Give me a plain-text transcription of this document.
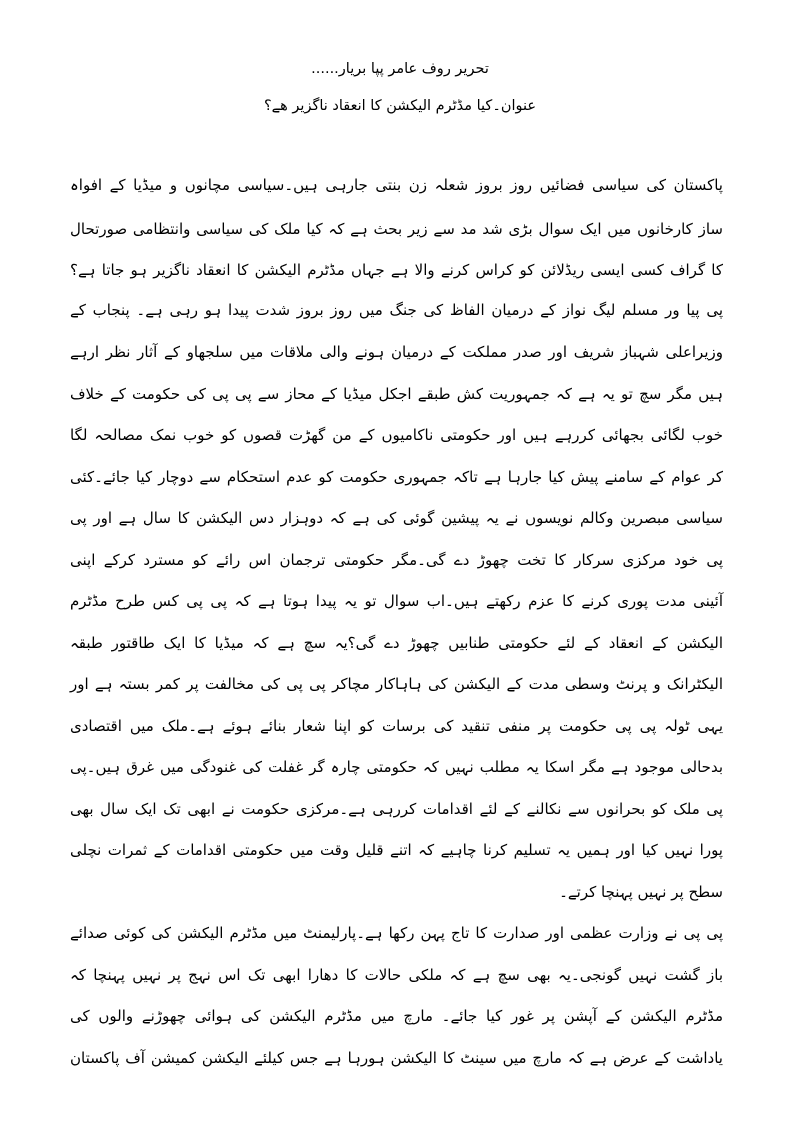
تحریر روف عامر پپا بریار......
عنوان۔کیا مڈٹرم الیکشن کا انعقاد ناگزیر ھے؟
پاکستان کی سیاسی فضائیں روز بروز شعلہ زن بنتی جارہی ہیں۔سیاسی مچانوں و میڈیا کے افواہ
ساز کارخانوں میں ایک سوال بڑی شد مد سے زیر بحث ہے کہ کیا ملک کی سیاسی وانتظامی صورتحال
کا گراف کسی ایسی ریڈلائن کو کراس کرنے والا ہے جہاں مڈٹرم الیکشن کا انعقاد ناگزیر ہو جاتا ہے؟
پی پیا ور مسلم لیگ نواز کے درمیان الفاظ کی جنگ میں روز بروز شدت پیدا ہو رہی ہے۔ پنجاب کے
وزیراعلی شہباز شریف اور صدر مملکت کے درمیان ہونے والی ملاقات میں سلجھاو کے آثار نظر ارہے
ہیں مگر سچ تو یہ ہے کہ جمہوریت کش طبقے اجکل میڈیا کے محاز سے پی پی کی حکومت کے خلاف
خوب لگائی بجھائی کررہے ہیں اور حکومتی ناکامیوں کے من گھڑت قصوں کو خوب نمک مصالحہ لگا
کر عوام کے سامنے پیش کیا جارہا ہے تاکہ جمہوری حکومت کو عدم استحکام سے دوچار کیا جائے۔کئی
سیاسی مبصرین وکالم نویسوں نے یہ پیشین گوئی کی ہے کہ دوہزار دس الیکشن کا سال ہے اور پی
پی خود مرکزی سرکار کا تخت چھوڑ دے گی۔مگر حکومتی ترجمان اس رائے کو مسترد کرکے اپنی
آئینی مدت پوری کرنے کا عزم رکھتے ہیں۔اب سوال تو یہ پیدا ہوتا ہے کہ پی پی کس طرح مڈٹرم
الیکشن کے انعقاد کے لئے حکومتی طنابیں چھوڑ دے گی؟یہ سچ ہے کہ میڈیا کا ایک طاقتور طبقہ
الیکٹرانک و پرنٹ وسطی مدت کے الیکشن کی ہاہاکار مچاکر پی پی کی مخالفت پر کمر بستہ ہے اور
یہی ٹولہ پی پی حکومت پر منفی تنقید کی برسات کو اپنا شعار بنائے ہوئے ہے۔ملک میں اقتصادی
بدحالی موجود ہے مگر اسکا یہ مطلب نہیں کہ حکومتی چارہ گر غفلت کی غنودگی میں غرق ہیں۔پی
پی ملک کو بحرانوں سے نکالنے کے لئے اقدامات کررہی ہے۔مرکزی حکومت نے ابھی تک ایک سال بھی
پورا نہیں کیا اور ہمیں یہ تسلیم کرنا چاہیے کہ اتنے قلیل وقت میں حکومتی اقدامات کے ثمرات نچلی
سطح پر نہیں پہنچا کرتے۔
پی پی نے وزارت عظمی اور صدارت کا تاج پہن رکھا ہے۔پارلیمنٹ میں مڈٹرم الیکشن کی کوئی صدائے
باز گشت نہیں گونجی۔یہ بھی سچ ہے کہ ملکی حالات کا دھارا ابھی تک اس نہج پر نہیں پہنچا کہ
مڈٹرم الیکشن کے آپشن پر غور کیا جائے۔ مارچ میں مڈٹرم الیکشن کی ہوائی چھوڑنے والوں کی
یاداشت کے عرض ہے کہ مارچ میں سینٹ کا الیکشن ہورہا ہے جس کیلئے الیکشن کمیشن آف پاکستان
